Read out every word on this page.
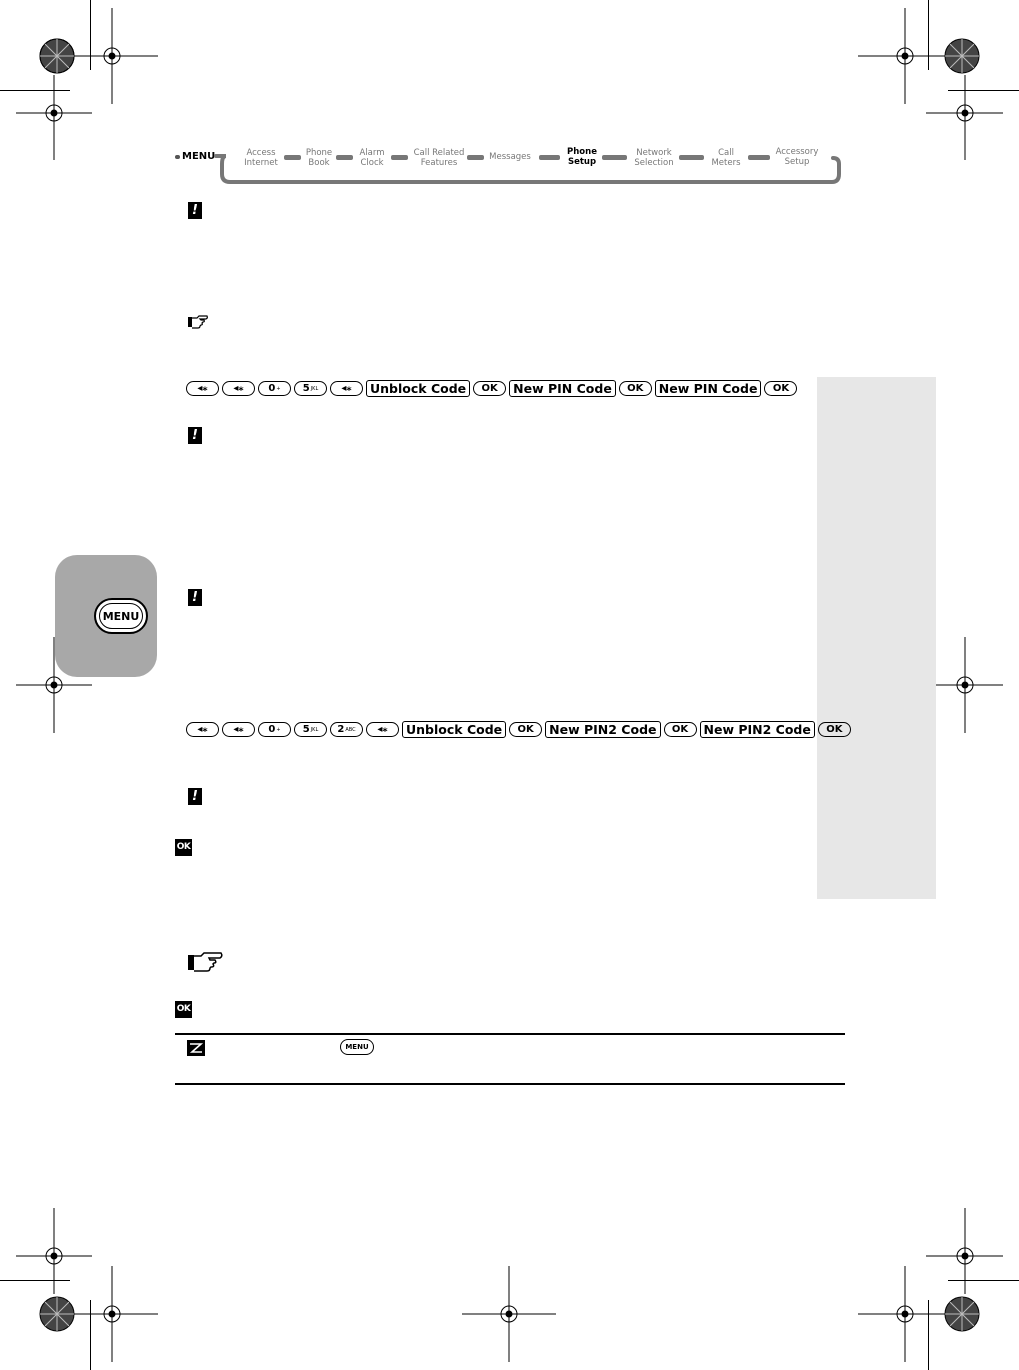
MENU
MENU	Access
Internet
Phone
Book
Alarm
Clock
Call Related
Features
Messages	Phone
Setup
Network
Selection
Call
Meters
Accessory
Setup
!
!
!
!
OK
OK
◂⁎	◂⁎ 0 + 5 JKL ◂⁎	Unblock Code	OK	New PIN Code	OK	New PIN Code	OK
◂⁎	◂⁎ 0 + 5 JKL 2 ABC ◂⁎	Unblock Code	OK	New PIN2 Code	OK	New PIN2 Code	OK
MENU
